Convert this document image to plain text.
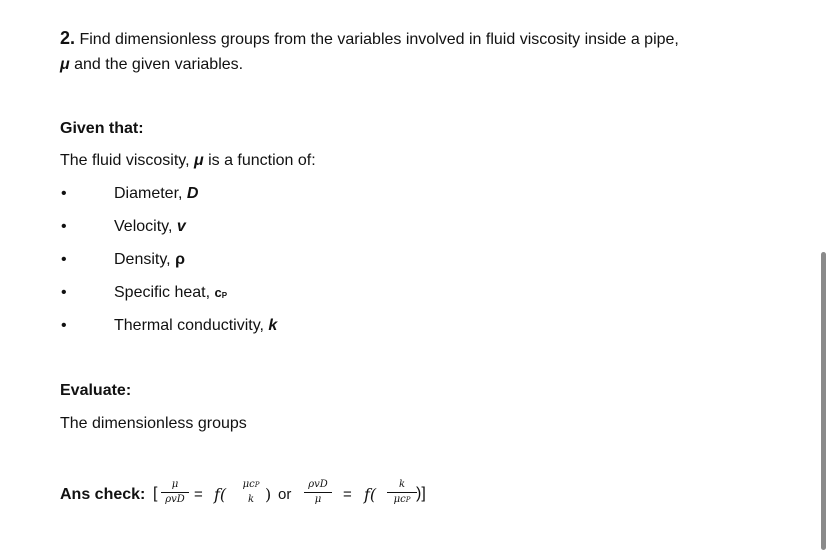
2. Find dimensionless groups from the variables involved in fluid viscosity inside a pipe,
μ and the given variables.
Given that:
The fluid viscosity, μ is a function of:
•	Diameter, D
•	Velocity, v
•	Density, ρ
•	Specific heat, cP
•	Thermal conductivity, k
Evaluate:
The dimensionless groups
Ans check: [
μ
ρvD = f(
μcP
k ) or
ρvD
μ	= f(
k
μcP )]
